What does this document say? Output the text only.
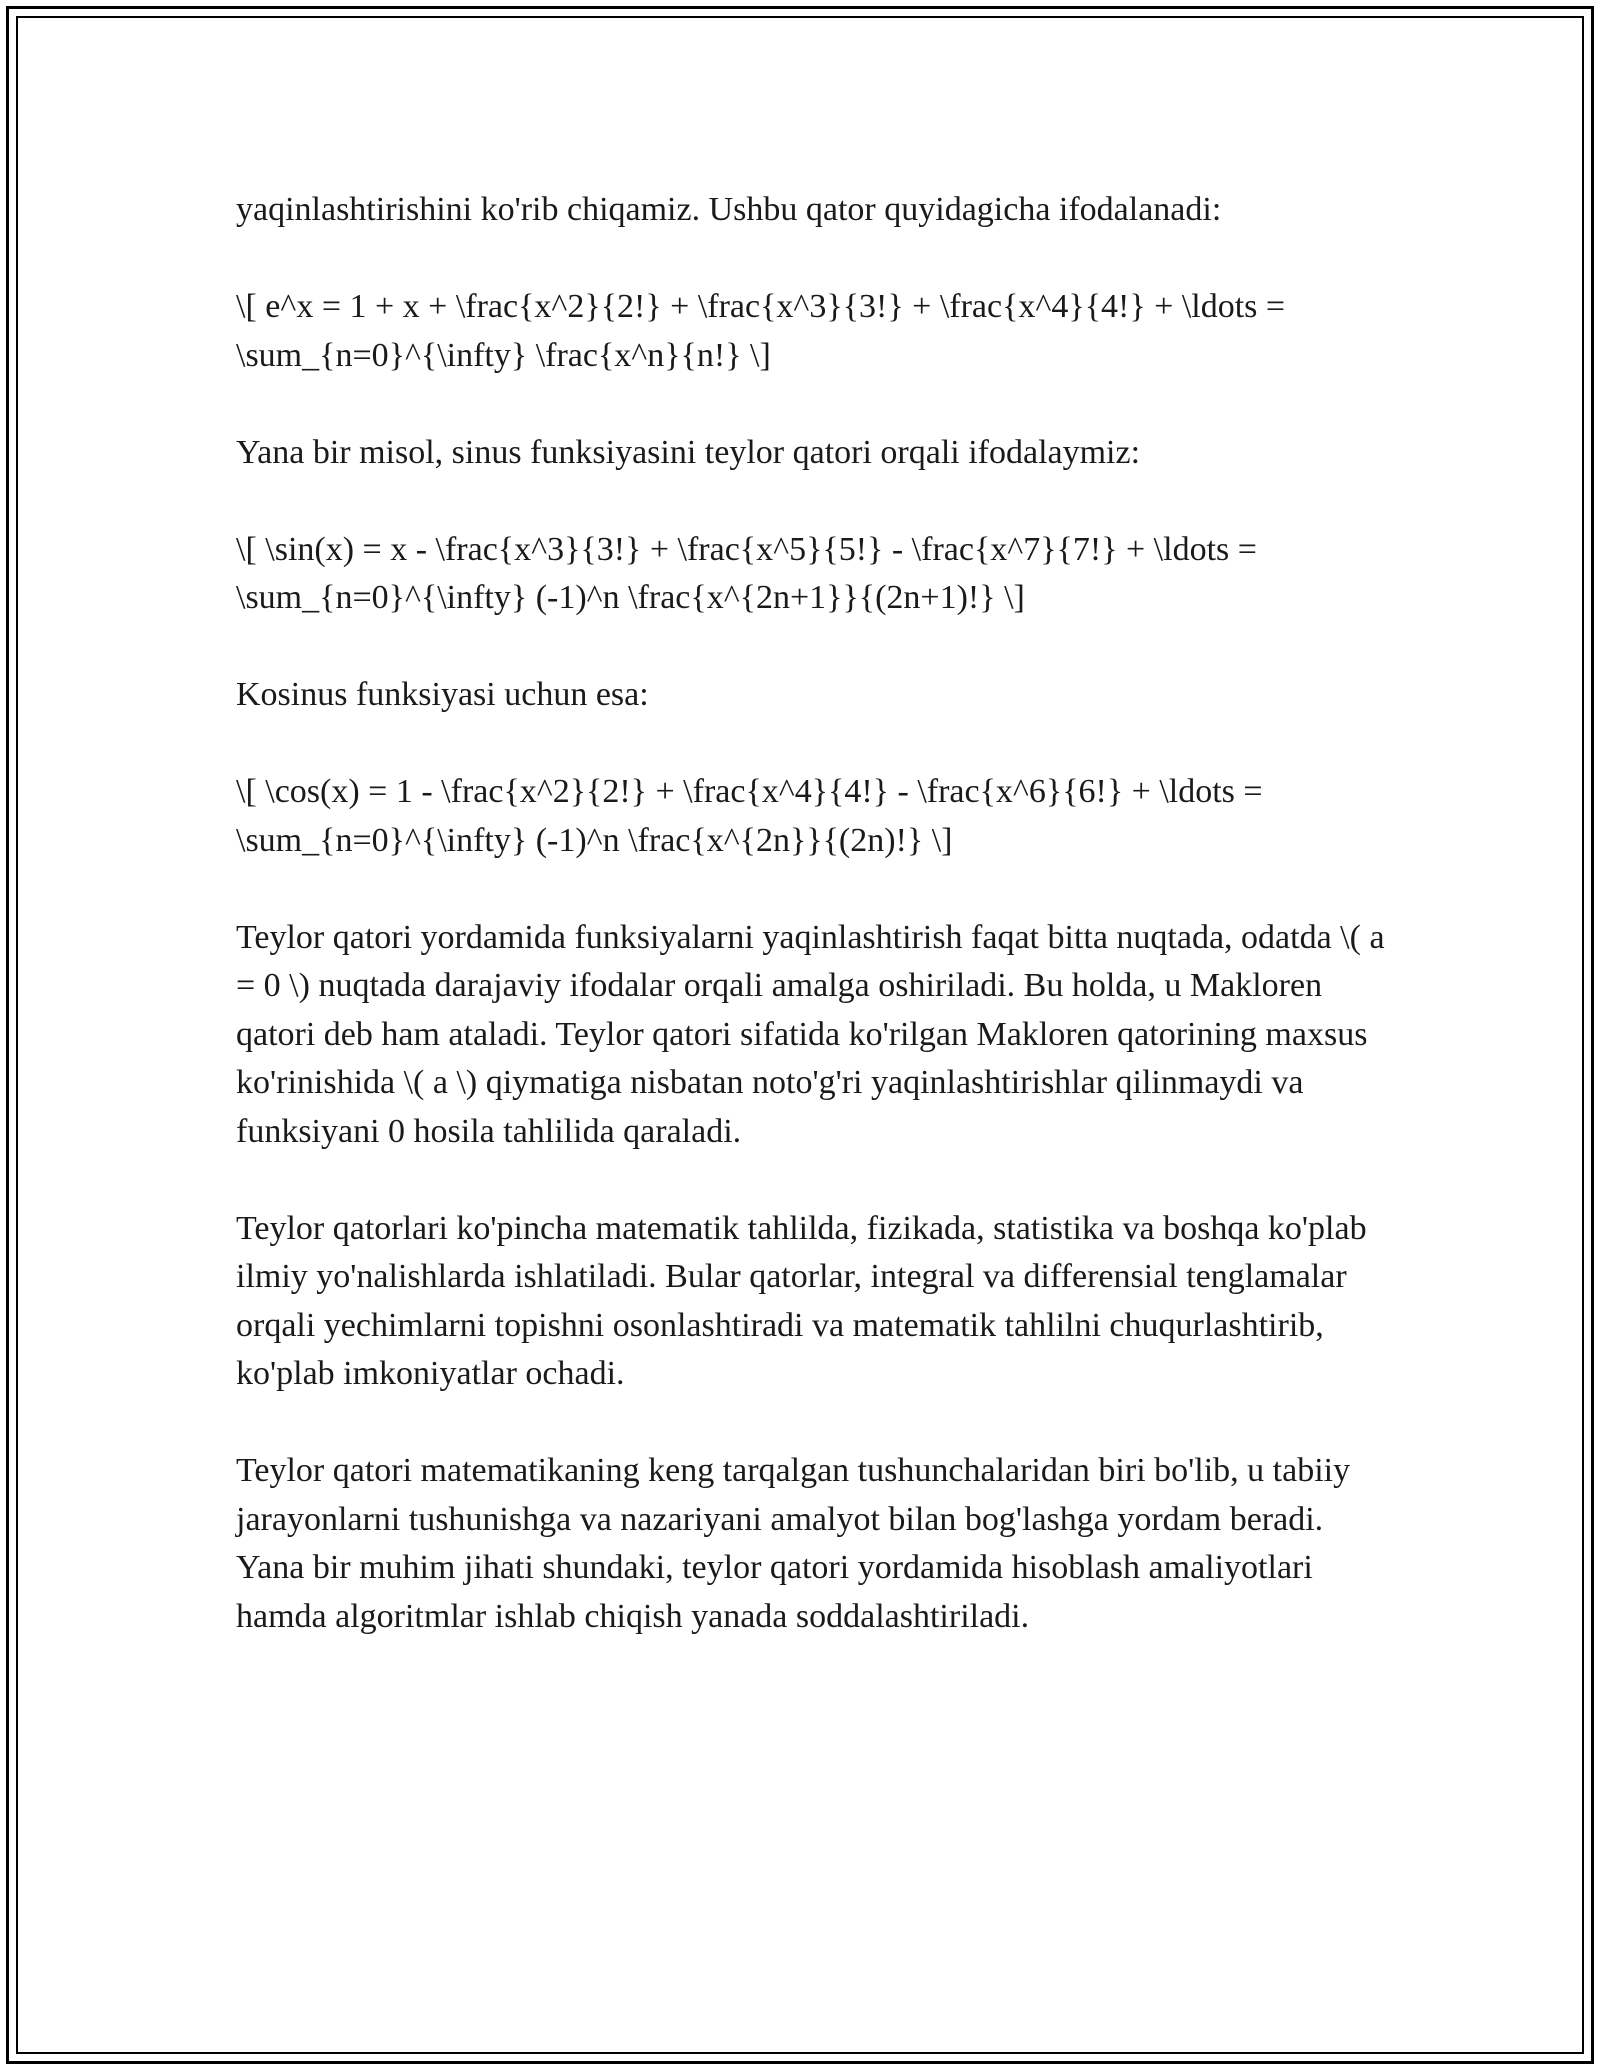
yaqinlashtirishini ko'rib chiqamiz. Ushbu qator quyidagicha ifodalanadi:

\[ e^x = 1 + x + \frac{x^2}{2!} + \frac{x^3}{3!} + \frac{x^4}{4!} + \ldots = \sum_{n=0}^{\infty} \frac{x^n}{n!} \]

Yana bir misol, sinus funksiyasini teylor qatori orqali ifodalaymiz:

\[ \sin(x) = x - \frac{x^3}{3!} + \frac{x^5}{5!} - \frac{x^7}{7!} + \ldots = \sum_{n=0}^{\infty} (-1)^n \frac{x^{2n+1}}{(2n+1)!} \]

Kosinus funksiyasi uchun esa:

\[ \cos(x) = 1 - \frac{x^2}{2!} + \frac{x^4}{4!} - \frac{x^6}{6!} + \ldots = \sum_{n=0}^{\infty} (-1)^n \frac{x^{2n}}{(2n)!} \]

Teylor qatori yordamida funksiyalarni yaqinlashtirish faqat bitta nuqtada, odatda \( a = 0 \) nuqtada darajaviy ifodalar orqali amalga oshiriladi. Bu holda, u Makloren qatori deb ham ataladi. Teylor qatori sifatida ko'rilgan Makloren qatorining maxsus ko'rinishida \( a \) qiymatiga nisbatan noto'g'ri yaqinlashtirishlar qilinmaydi va funksiyani 0 hosila tahlilida qaraladi.

Teylor qatorlari ko'pincha matematik tahlilda, fizikada, statistika va boshqa ko'plab ilmiy yo'nalishlarda ishlatiladi. Bular qatorlar, integral va differensial tenglamalar orqali yechimlarni topishni osonlashtiradi va matematik tahlilni chuqurlashtirib, ko'plab imkoniyatlar ochadi.

Teylor qatori matematikaning keng tarqalgan tushunchalaridan biri bo'lib, u tabiiy jarayonlarni tushunishga va nazariyani amalyot bilan bog'lashga yordam beradi. Yana bir muhim jihati shundaki, teylor qatori yordamida hisoblash amaliyotlari hamda algoritmlar ishlab chiqish yanada soddalashtiriladi.
